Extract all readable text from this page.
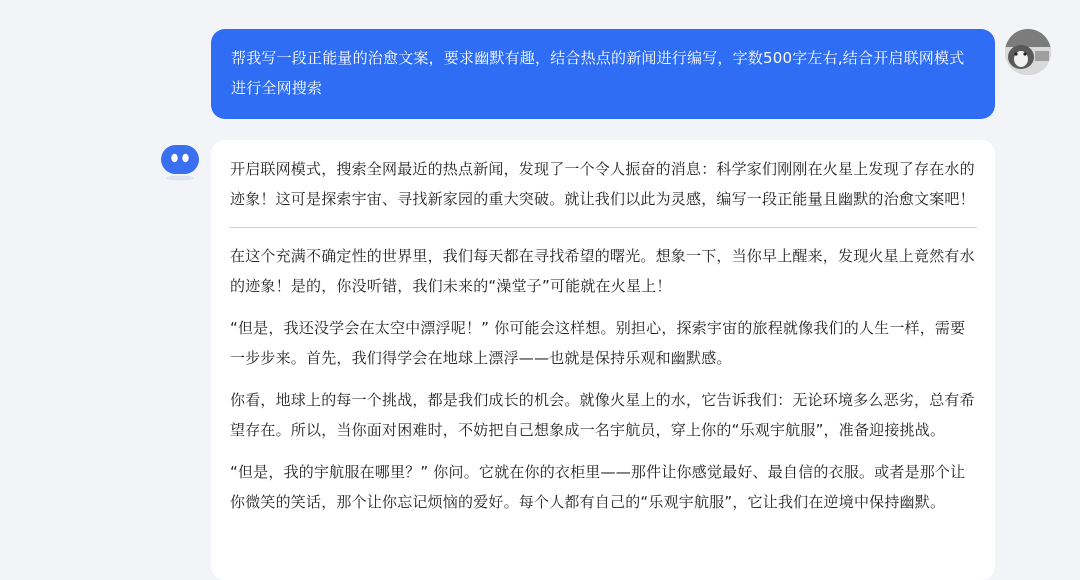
帮我写一段正能量的治愈文案，要求幽默有趣，结合热点的新闻进行编写，字数500字左右,结合开启联网模式进行全网搜索

开启联网模式，搜索全网最近的热点新闻，发现了一个令人振奋的消息：科学家们刚刚在火星上发现了存在水的迹象！这可是探索宇宙、寻找新家园的重大突破。就让我们以此为灵感，编写一段正能量且幽默的治愈文案吧！

在这个充满不确定性的世界里，我们每天都在寻找希望的曙光。想象一下，当你早上醒来，发现火星上竟然有水的迹象！是的，你没听错，我们未来的“澡堂子”可能就在火星上！

“但是，我还没学会在太空中漂浮呢！” 你可能会这样想。别担心，探索宇宙的旅程就像我们的人生一样，需要一步步来。首先，我们得学会在地球上漂浮——也就是保持乐观和幽默感。

你看，地球上的每一个挑战，都是我们成长的机会。就像火星上的水，它告诉我们：无论环境多么恶劣，总有希望存在。所以，当你面对困难时，不妨把自己想象成一名宇航员，穿上你的“乐观宇航服”，准备迎接挑战。

“但是，我的宇航服在哪里？” 你问。它就在你的衣柜里——那件让你感觉最好、最自信的衣服。或者是那个让你微笑的笑话，那个让你忘记烦恼的爱好。每个人都有自己的“乐观宇航服”，它让我们在逆境中保持幽默。
